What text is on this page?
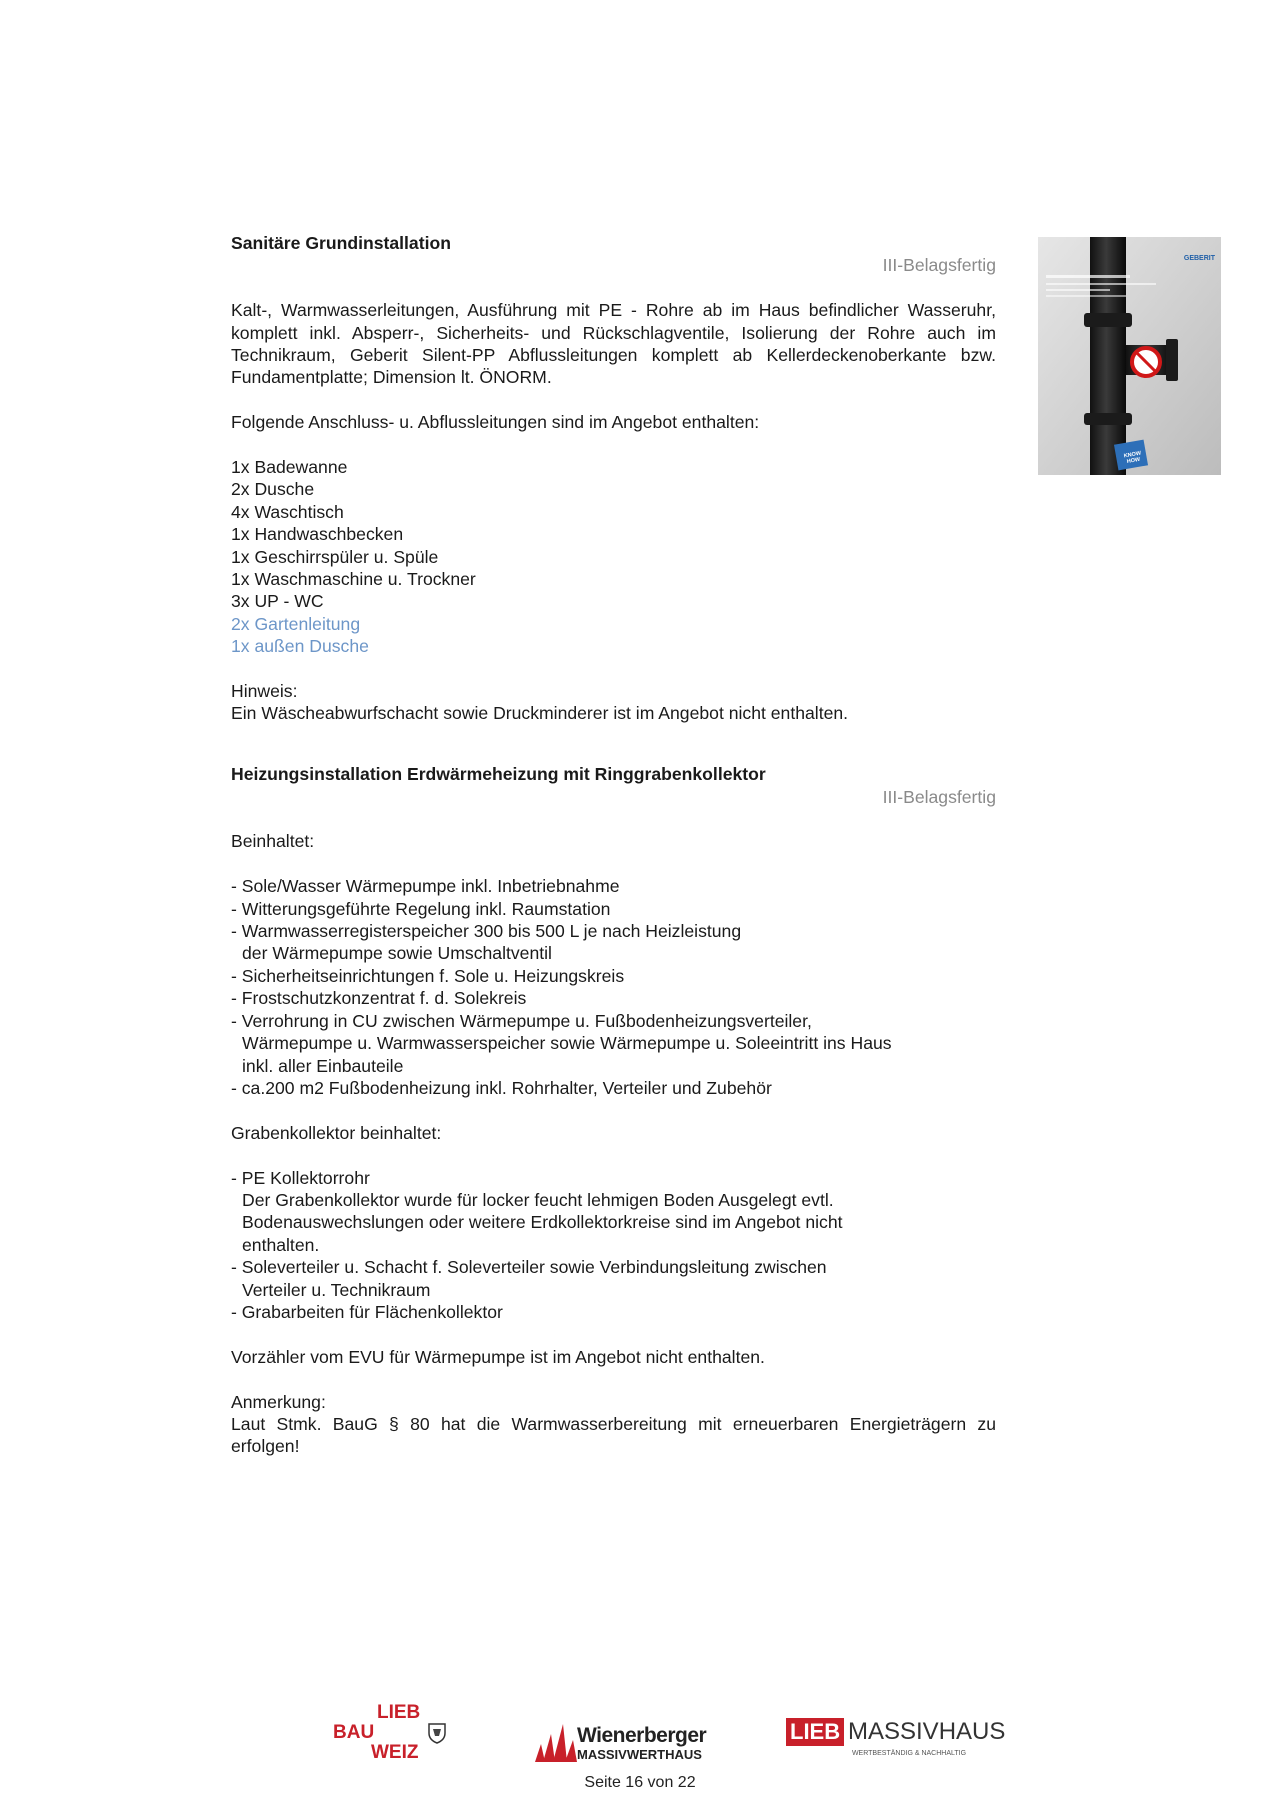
Sanitäre Grundinstallation
III-Belagsfertig
Kalt-, Warmwasserleitungen, Ausführung mit PE - Rohre ab im Haus befindlicher Wasseruhr, komplett inkl. Absperr-, Sicherheits- und Rückschlagventile, Isolierung der Rohre auch im Technikraum, Geberit Silent-PP Abflussleitungen komplett ab Kellerdeckenoberkante bzw. Fundamentplatte; Dimension lt. ÖNORM.
Folgende Anschluss- u. Abflussleitungen sind im Angebot enthalten:
1x Badewanne
2x Dusche
4x Waschtisch
1x Handwaschbecken
1x Geschirrspüler u. Spüle
1x Waschmaschine u. Trockner
3x UP - WC
2x Gartenleitung
1x außen Dusche
Hinweis:
Ein Wäscheabwurfschacht sowie Druckminderer ist im Angebot nicht enthalten.
Heizungsinstallation Erdwärmeheizung mit Ringgrabenkollektor
III-Belagsfertig
Beinhaltet:
- Sole/Wasser Wärmepumpe inkl. Inbetriebnahme
- Witterungsgeführte Regelung inkl. Raumstation
- Warmwasserregisterspeicher 300 bis 500 L je nach Heizleistung
der Wärmepumpe sowie Umschaltventil
- Sicherheitseinrichtungen f. Sole u. Heizungskreis
- Frostschutzkonzentrat f. d. Solekreis
- Verrohrung in CU zwischen Wärmepumpe u. Fußbodenheizungsverteiler,
Wärmepumpe u. Warmwasserspeicher sowie Wärmepumpe u. Soleeintritt ins Haus
inkl. aller Einbauteile
- ca.200 m2 Fußbodenheizung inkl. Rohrhalter, Verteiler und Zubehör
Grabenkollektor beinhaltet:
- PE Kollektorrohr
Der Grabenkollektor wurde für locker feucht lehmigen Boden Ausgelegt evtl.
Bodenauswechslungen oder weitere Erdkollektorkreise sind im Angebot nicht
enthalten.
- Soleverteiler u. Schacht f. Soleverteiler sowie Verbindungsleitung zwischen
Verteiler u. Technikraum
- Grabarbeiten für Flächenkollektor
Vorzähler vom EVU für Wärmepumpe ist im Angebot nicht enthalten.
Anmerkung:
Laut Stmk. BauG § 80 hat die Warmwasserbereitung mit erneuerbaren Energieträgern zu erfolgen!
GEBERIT
KNOW HOW
LIEB
BAU
WEIZ
Wienerberger
MASSIVWERTHAUS
LIEB MASSIVHAUS
WERTBESTÄNDIG & NACHHALTIG
Seite 16 von 22
